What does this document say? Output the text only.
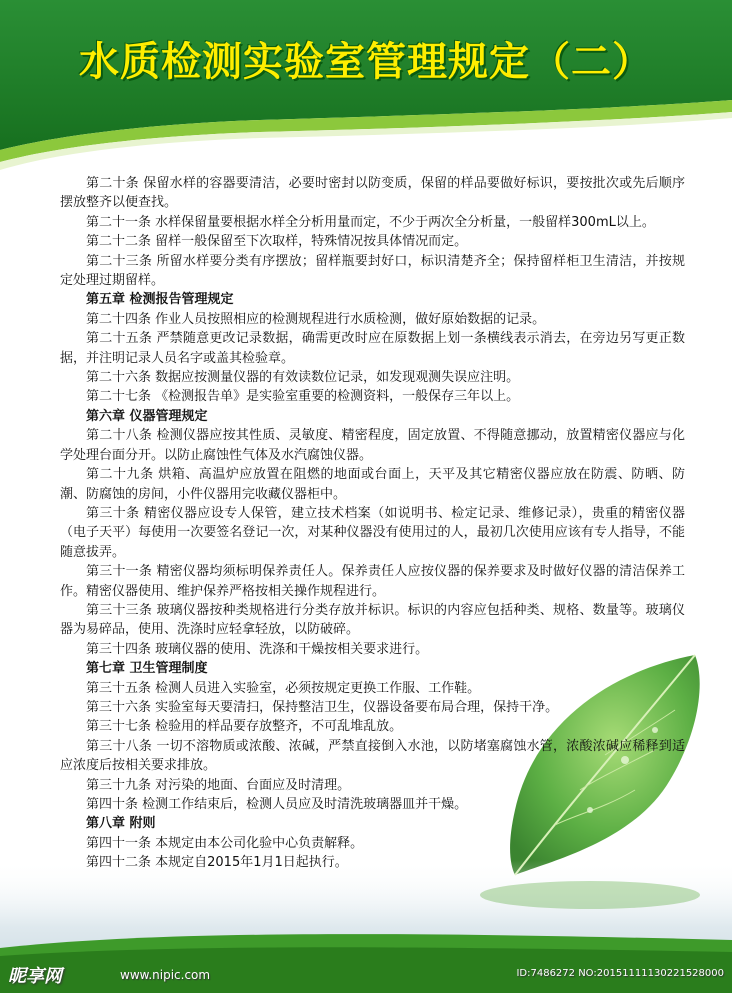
水质检测实验室管理规定（二）

第二十条 保留水样的容器要清洁，必要时密封以防变质，保留的样品要做好标识，要按批次或先后顺序摆放整齐以便查找。

第二十一条 水样保留量要根据水样全分析用量而定，不少于两次全分析量，一般留样300mL以上。

第二十二条 留样一般保留至下次取样，特殊情况按具体情况而定。

第二十三条 所留水样要分类有序摆放；留样瓶要封好口，标识清楚齐全；保持留样柜卫生清洁，并按规定处理过期留样。

第五章 检测报告管理规定

第二十四条 作业人员按照相应的检测规程进行水质检测，做好原始数据的记录。

第二十五条 严禁随意更改记录数据，确需更改时应在原数据上划一条横线表示消去，在旁边另写更正数据，并注明记录人员名字或盖其检验章。

第二十六条 数据应按测量仪器的有效读数位记录，如发现观测失误应注明。

第二十七条 《检测报告单》是实验室重要的检测资料，一般保存三年以上。

第六章 仪器管理规定

第二十八条 检测仪器应按其性质、灵敏度、精密程度，固定放置、不得随意挪动，放置精密仪器应与化学处理台面分开。以防止腐蚀性气体及水汽腐蚀仪器。

第二十九条 烘箱、高温炉应放置在阻燃的地面或台面上，天平及其它精密仪器应放在防震、防晒、防潮、防腐蚀的房间，小件仪器用完收藏仪器柜中。

第三十条 精密仪器应设专人保管，建立技术档案（如说明书、检定记录、维修记录），贵重的精密仪器（电子天平）每使用一次要签名登记一次，对某种仪器没有使用过的人，最初几次使用应该有专人指导，不能随意拔弄。

第三十一条 精密仪器均须标明保养责任人。保养责任人应按仪器的保养要求及时做好仪器的清洁保养工作。精密仪器使用、维护保养严格按相关操作规程进行。

第三十三条 玻璃仪器按种类规格进行分类存放并标识。标识的内容应包括种类、规格、数量等。玻璃仪器为易碎品，使用、洗涤时应轻拿轻放，以防破碎。

第三十四条 玻璃仪器的使用、洗涤和干燥按相关要求进行。

第七章 卫生管理制度

第三十五条 检测人员进入实验室，必须按规定更换工作服、工作鞋。

第三十六条 实验室每天要清扫，保持整洁卫生，仪器设备要布局合理，保持干净。

第三十七条 检验用的样品要存放整齐，不可乱堆乱放。

第三十八条 一切不溶物质或浓酸、浓碱，严禁直接倒入水池，以防堵塞腐蚀水管，浓酸浓碱应稀释到适应浓度后按相关要求排放。

第三十九条 对污染的地面、台面应及时清理。

第四十条 检测工作结束后，检测人员应及时清洗玻璃器皿并干燥。

第八章 附则

第四十一条 本规定由本公司化验中心负责解释。

第四十二条 本规定自2015年1月1日起执行。

昵享网	www.nipic.com	ID:7486272 NO:20151111130221528000
